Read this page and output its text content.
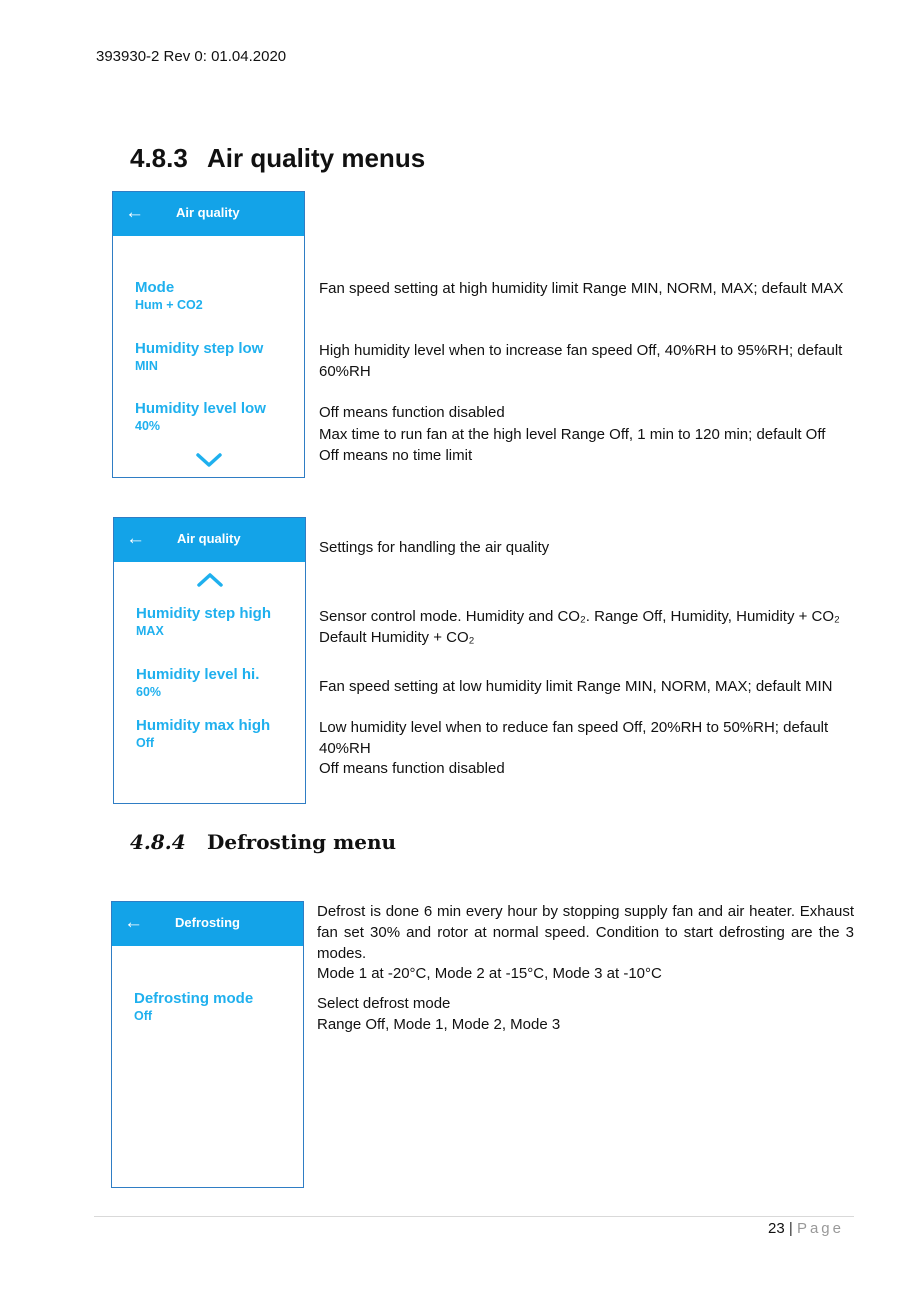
393930-2 Rev 0: 01.04.2020
4.8.3 Air quality menus
← Air quality
Mode
Hum + CO2
Humidity step low
MIN
Humidity level low
40%
Fan speed setting at high humidity limit Range MIN, NORM, MAX; default MAX
High humidity level when to increase fan speed Off, 40%RH to 95%RH; default 60%RH
Off means function disabled
Max time to run fan at the high level Range Off, 1 min to 120 min; default Off
Off means no time limit
← Air quality
Humidity step high
MAX
Humidity level hi.
60%
Humidity max high
Off
Settings for handling the air quality
Sensor control mode. Humidity and CO₂. Range Off, Humidity, Humidity + CO₂
Default Humidity + CO₂
Fan speed setting at low humidity limit Range MIN, NORM, MAX; default MIN
Low humidity level when to reduce fan speed Off, 20%RH to 50%RH; default 40%RH
Off means function disabled
4.8.4 Defrosting menu
← Defrosting
Defrosting mode
Off
Defrost is done 6 min every hour by stopping supply fan and air heater. Exhaust fan set 30% and rotor at normal speed. Condition to start defrosting are the 3 modes.
Mode 1 at -20°C, Mode 2 at -15°C, Mode 3 at -10°C
Select defrost mode
Range Off, Mode 1, Mode 2, Mode 3
23 | Page
